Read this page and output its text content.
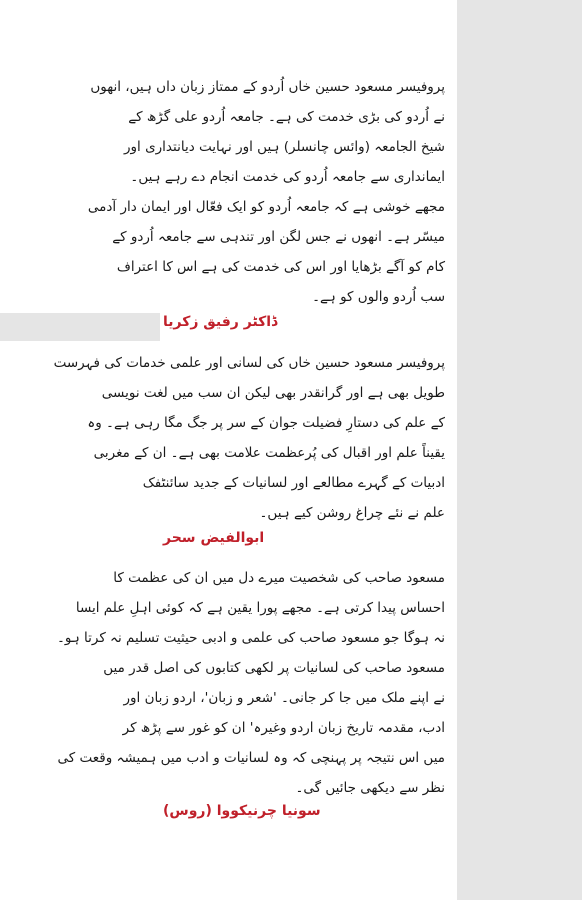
پروفیسر مسعود حسین خاں اُردو کے ممتاز زبان داں ہیں، انھوں
نے اُردو کی بڑی خدمت کی ہے۔ جامعہ اُردو علی گڑھ کے
شیخ الجامعہ (وائس چانسلر) ہیں اور نہایت دیانتداری اور
ایمانداری سے جامعہ اُردو کی خدمت انجام دے رہے ہیں۔
مجھے خوشی ہے کہ جامعہ اُردو کو ایک فعّال اور ایمان دار آدمی
میسّر ہے۔ انھوں نے جس لگن اور تندہی سے جامعہ اُردو کے
کام کو آگے بڑھایا اور اس کی خدمت کی ہے اس کا اعتراف
سب اُردو والوں کو ہے۔
ڈاکٹر رفیق زکریا
پروفیسر مسعود حسین خاں کی لسانی اور علمی خدمات کی فہرست
طویل بھی ہے اور گرانقدر بھی لیکن ان سب میں لغت نویسی
کے علم کی دستارِ فضیلت جوان کے سر پر جگ مگا رہی ہے۔ وہ
یقیناً علم اور اقبال کی پُرعظمت علامت بھی ہے۔ ان کے مغربی
ادبیات کے گہرے مطالعے اور لسانیات کے جدید سائنٹفک
علم نے نئے چراغ روشن کیے ہیں۔
ابوالفیض سحر
مسعود صاحب کی شخصیت میرے دل میں ان کی عظمت کا
احساس پیدا کرتی ہے۔ مجھے پورا یقین ہے کہ کوئی اہلِ علم ایسا
نہ ہوگا جو مسعود صاحب کی علمی و ادبی حیثیت تسلیم نہ کرتا ہو۔
مسعود صاحب کی لسانیات پر لکھی کتابوں کی اصل قدر میں
نے اپنے ملک میں جا کر جانی۔ 'شعر و زبان'، اردو زبان اور
ادب، مقدمہ تاریخ زبان اردو وغیرہ' ان کو غور سے پڑھ کر
میں اس نتیجہ پر پہنچی کہ وہ لسانیات و ادب میں ہمیشہ وقعت کی
نظر سے دیکھی جائیں گی۔
سونیا چرنیکووا (روس)
